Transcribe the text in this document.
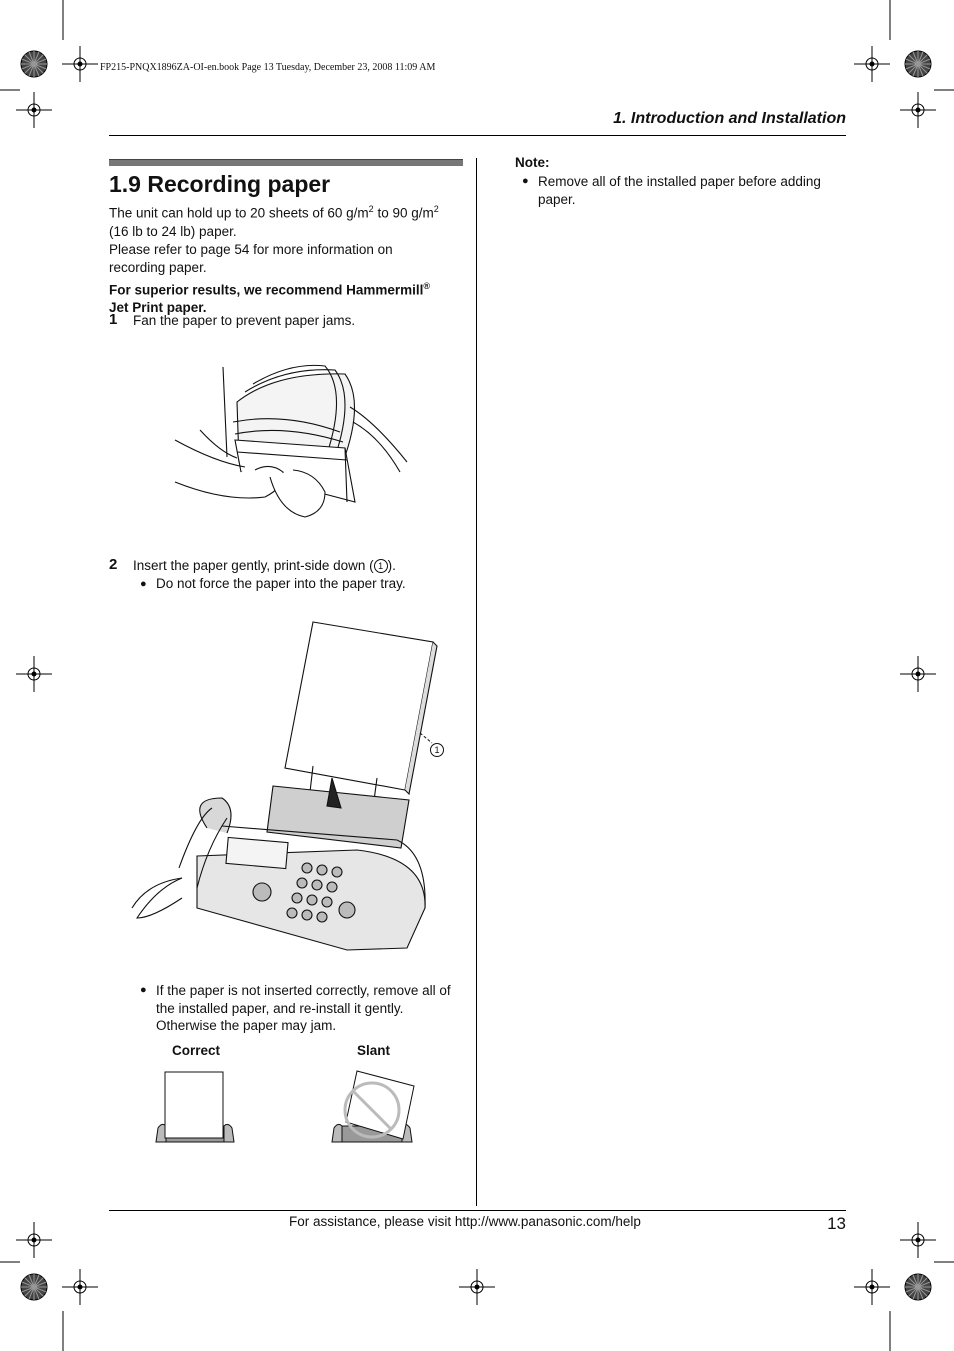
FP215-PNQX1896ZA-OI-en.book Page 13 Tuesday, December 23, 2008 11:09 AM
1. Introduction and Installation
1.9 Recording paper
The unit can hold up to 20 sheets of 60 $g/m^2$ to 90 $g/m^2$
(16 lb to 24 lb) paper.
Please refer to page 54 for more information on
recording paper.
For superior results, we recommend Hammermill®
Jet Print paper.
1 Fan the paper to prevent paper jams.
2 Insert the paper gently, print-side down ( 1 ).
● Do not force the paper into the paper tray.
1
● If the paper is not inserted correctly, remove all of
the installed paper, and re-install it gently.
Otherwise the paper may jam.
Correct	Slant
Note:
● Remove all of the installed paper before adding
paper.
For assistance, please visit http://www.panasonic.com/help	13
